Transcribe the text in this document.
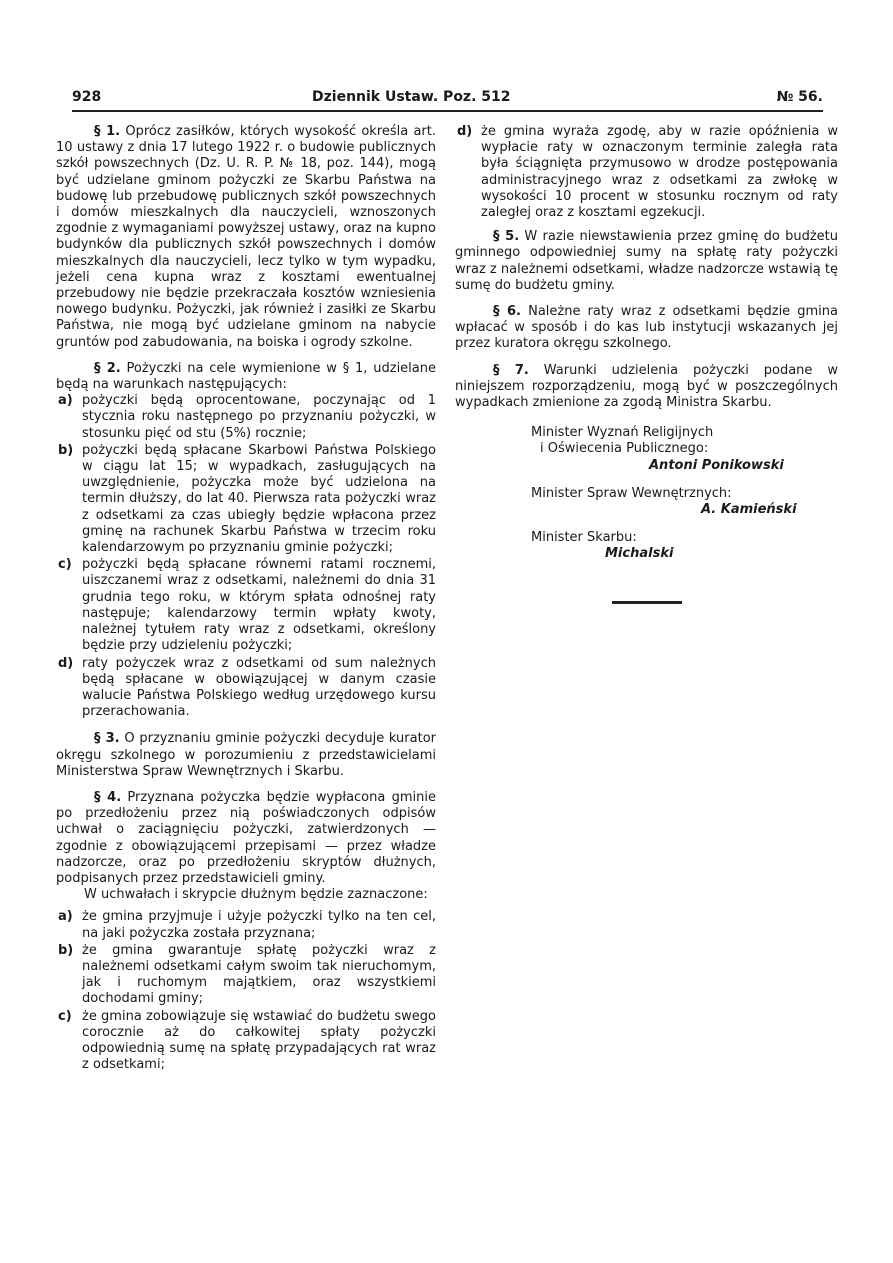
928	Dziennik Ustaw. Poz. 512	№ 56.

§ 1. Oprócz zasiłków, których wysokość określa art. 10 ustawy z dnia 17 lutego 1922 r. o budowie publicznych szkół powszechnych (Dz. U. R. P. № 18, poz. 144), mogą być udzielane gminom pożyczki ze Skarbu Państwa na budowę lub przebudowę publicznych szkół powszechnych i domów mieszkalnych dla nauczycieli, wznoszonych zgodnie z wymaganiami powyższej ustawy, oraz na kupno budynków dla publicznych szkół powszechnych i domów mieszkalnych dla nauczycieli, lecz tylko w tym wypadku, jeżeli cena kupna wraz z kosztami ewentualnej przebudowy nie będzie przekraczała kosztów wzniesienia nowego budynku. Pożyczki, jak również i zasiłki ze Skarbu Państwa, nie mogą być udzielane gminom na nabycie gruntów pod zabudowania, na boiska i ogrody szkolne.

§ 2. Pożyczki na cele wymienione w § 1, udzielane będą na warunkach następujących:

a) pożyczki będą oprocentowane, poczynając od 1 stycznia roku następnego po przyznaniu pożyczki, w stosunku pięć od stu (5%) rocznie;
b) pożyczki będą spłacane Skarbowi Państwa Polskiego w ciągu lat 15; w wypadkach, zasługujących na uwzględnienie, pożyczka może być udzielona na termin dłuższy, do lat 40. Pierwsza rata pożyczki wraz z odsetkami za czas ubiegły będzie wpłacona przez gminę na rachunek Skarbu Państwa w trzecim roku kalendarzowym po przyznaniu gminie pożyczki;
c) pożyczki będą spłacane równemi ratami rocznemi, uiszczanemi wraz z odsetkami, należnemi do dnia 31 grudnia tego roku, w którym spłata odnośnej raty następuje; kalendarzowy termin wpłaty kwoty, należnej tytułem raty wraz z odsetkami, określony będzie przy udzieleniu pożyczki;
d) raty pożyczek wraz z odsetkami od sum należnych będą spłacane w obowiązującej w danym czasie walucie Państwa Polskiego według urzędowego kursu przerachowania.

§ 3. O przyznaniu gminie pożyczki decyduje kurator okręgu szkolnego w porozumieniu z przedstawicielami Ministerstwa Spraw Wewnętrznych i Skarbu.

§ 4. Przyznana pożyczka będzie wypłacona gminie po przedłożeniu przez nią poświadczonych odpisów uchwał o zaciągnięciu pożyczki, zatwierdzonych — zgodnie z obowiązującemi przepisami — przez władze nadzorcze, oraz po przedłożeniu skryptów dłużnych, podpisanych przez przedstawicieli gminy.

W uchwałach i skrypcie dłużnym będzie zaznaczone:

a) że gmina przyjmuje i użyje pożyczki tylko na ten cel, na jaki pożyczka została przyznana;
b) że gmina gwarantuje spłatę pożyczki wraz z należnemi odsetkami całym swoim tak nieruchomym, jak i ruchomym majątkiem, oraz wszystkiemi dochodami gminy;
c) że gmina zobowiązuje się wstawiać do budżetu swego corocznie aż do całkowitej spłaty pożyczki odpowiednią sumę na spłatę przypadających rat wraz z odsetkami;
d) że gmina wyraża zgodę, aby w razie opóźnienia w wypłacie raty w oznaczonym terminie zaległa rata była ściągnięta przymusowo w drodze postępowania administracyjnego wraz z odsetkami za zwłokę w wysokości 10 procent w stosunku rocznym od raty zaległej oraz z kosztami egzekucji.

§ 5. W razie niewstawienia przez gminę do budżetu gminnego odpowiedniej sumy na spłatę raty pożyczki wraz z należnemi odsetkami, władze nadzorcze wstawią tę sumę do budżetu gminy.

§ 6. Należne raty wraz z odsetkami będzie gmina wpłacać w sposób i do kas lub instytucji wskazanych jej przez kuratora okręgu szkolnego.

§ 7. Warunki udzielenia pożyczki podane w niniejszem rozporządzeniu, mogą być w poszczególnych wypadkach zmienione za zgodą Ministra Skarbu.

Minister Wyznań Religijnych
i Oświecenia Publicznego:
Antoni Ponikowski
Minister Spraw Wewnętrznych:
A. Kamieński
Minister Skarbu:
Michalski
